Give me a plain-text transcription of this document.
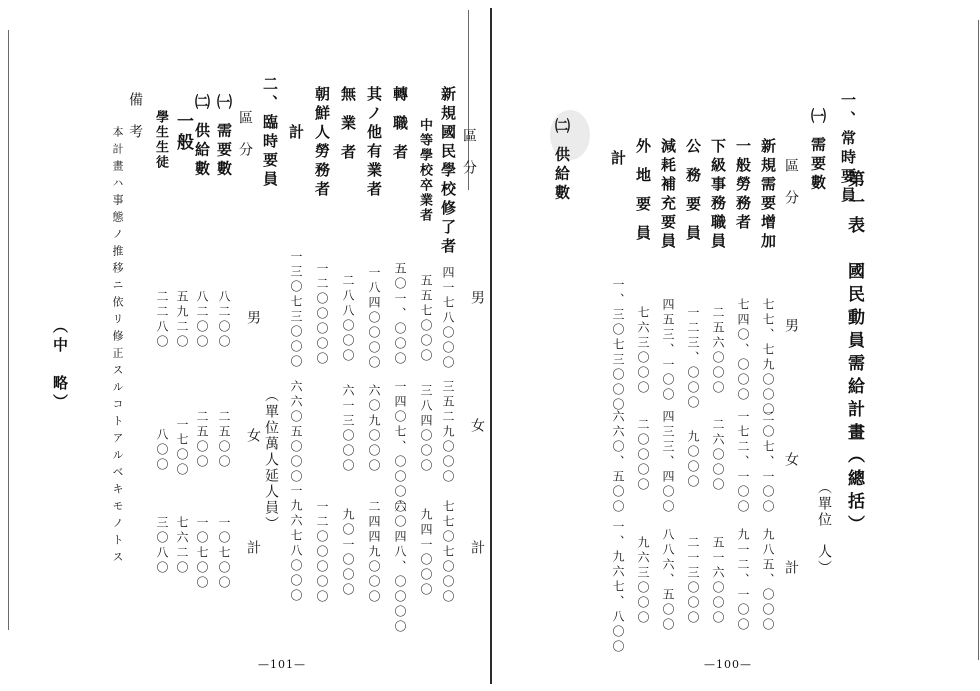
第一表　國民動員需給計畫（總括）
（單位　人）
一、常時要員
㈠ 需要數
區　分
男
女
計
新規需要增加
七七、七九〇〇〇
二〇七、一〇〇
九八五、〇〇〇
一般勞務者
七四〇、〇〇〇
一七二、一〇〇
九一二、一〇〇
下級事務職員
二五六〇〇〇
二六〇〇〇
五一六〇〇〇
公務要員
一二三、〇〇〇
九〇〇〇
二一三〇〇〇
減耗補充要員
四五三、一〇〇
四三三、四〇〇
八八六、五〇〇
外地要員
七六三〇〇〇
二〇〇〇〇
九六三〇〇〇
計
一、三〇七三〇〇〇
六六〇、五〇〇
一、九六七、八〇〇
㈡ 供給數
—100—
區　分
男
女
計
新規國民學校修了者
四一七八〇〇〇
三五二九〇〇〇
七七〇七〇〇〇
中等學校卒業者
五五七〇〇〇
三八四〇〇〇
九四一〇〇〇
轉職者
五〇一、〇〇〇
一四〇七、〇〇〇〇
六〇四八、〇〇〇〇
其ノ他有業者
一八四〇〇〇〇
六〇九〇〇〇
二四四九〇〇〇
無業者
二八八〇〇〇
六一三〇〇〇
九〇一〇〇〇
朝鮮人勞務者
一二〇〇〇〇〇
一二〇〇〇〇〇
計
一三〇七三〇〇〇
六六〇五〇〇〇
一九六七八〇〇〇
二、臨時要員
（單位萬人延人員）
區　分
男
女
計
㈠ 需要數
八二〇〇
二五〇〇
一〇七〇〇
㈡ 供給數
八二〇〇
二五〇〇
一〇七〇〇
一般
五九二〇
一七〇〇
七六二〇
學生生徒
二二八〇
八〇〇
三〇八〇
備　考
本計畫ハ事態ノ推移ニ依リ修正スルコトアルベキモノトス
（中　略）
—101—
